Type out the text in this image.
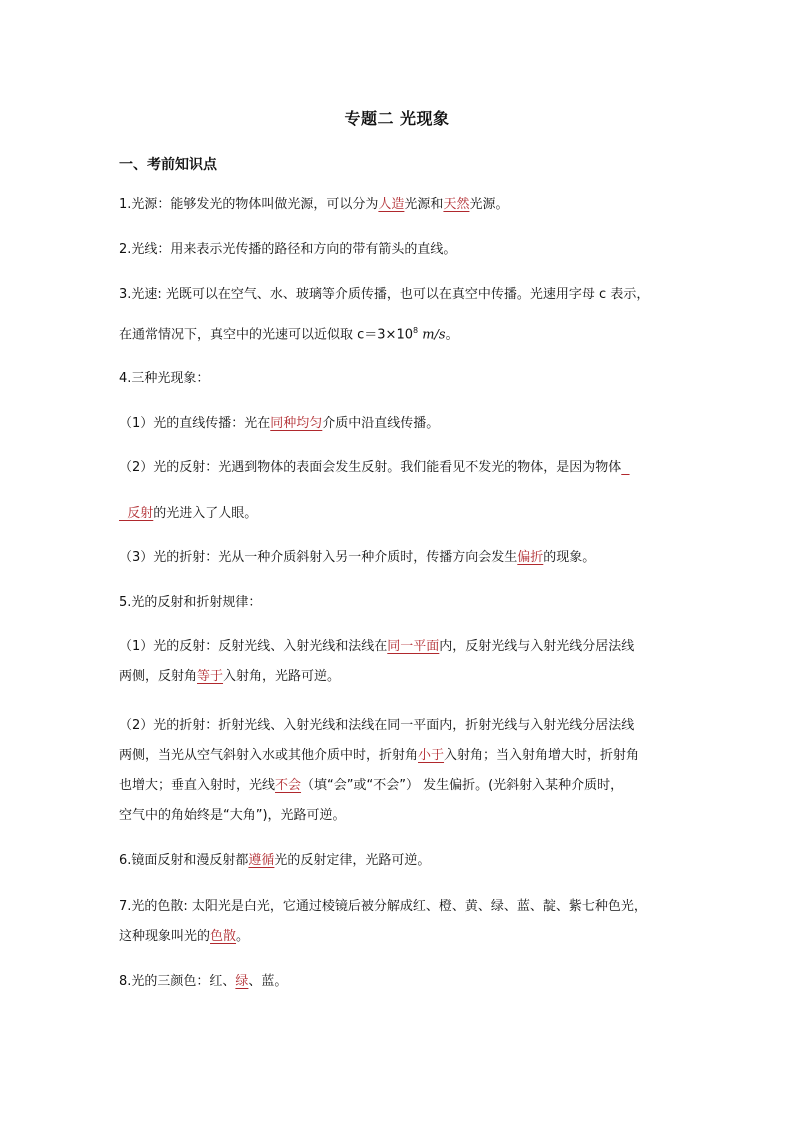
专题二 光现象
一、考前知识点
1.光源：能够发光的物体叫做光源，可以分为人造光源和天然光源。
2.光线：用来表示光传播的路径和方向的带有箭头的直线。
3.光速: 光既可以在空气、水、玻璃等介质传播，也可以在真空中传播。光速用字母 c 表示，
在通常情况下，真空中的光速可以近似取 $c=3\times 10^8$ m/s。
4.三种光现象：
（1）光的直线传播：光在同种均匀介质中沿直线传播。
（2）光的反射：光遇到物体的表面会发生反射。我们能看见不发光的物体，是因为物体
反射的光进入了人眼。
（3）光的折射：光从一种介质斜射入另一种介质时，传播方向会发生偏折的现象。
5.光的反射和折射规律：
（1）光的反射：反射光线、入射光线和法线在同一平面内，反射光线与入射光线分居法线
两侧，反射角等于入射角，光路可逆。
（2）光的折射：折射光线、入射光线和法线在同一平面内，折射光线与入射光线分居法线
两侧，当光从空气斜射入水或其他介质中时，折射角小于入射角；当入射角增大时，折射角
也增大；垂直入射时，光线不会（填“会”或“不会”） 发生偏折。(光斜射入某种介质时，
空气中的角始终是“大角”)，光路可逆。
6.镜面反射和漫反射都遵循光的反射定律，光路可逆。
7.光的色散: 太阳光是白光，它通过棱镜后被分解成红、橙、黄、绿、蓝、靛、紫七种色光，
这种现象叫光的色散。
8.光的三颜色：红、绿、蓝。
